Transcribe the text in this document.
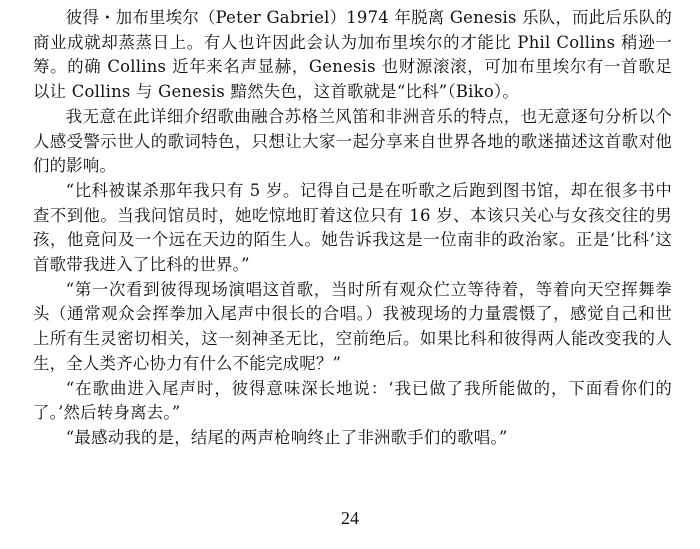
彼得・加布里埃尔（Peter Gabriel）1974 年脱离 Genesis 乐队，而此后乐队的商业成就却蒸蒸日上。有人也许因此会认为加布里埃尔的才能比 Phil Collins 稍逊一筹。的确 Collins 近年来名声显赫，Genesis 也财源滚滚，可加布里埃尔有一首歌足以让 Collins 与 Genesis 黯然失色，这首歌就是“比科”（Biko）。

我无意在此详细介绍歌曲融合苏格兰风笛和非洲音乐的特点，也无意逐句分析以个人感受警示世人的歌词特色，只想让大家一起分享来自世界各地的歌迷描述这首歌对他们的影响。

“比科被谋杀那年我只有 5 岁。记得自己是在听歌之后跑到图书馆，却在很多书中查不到他。当我问馆员时，她吃惊地盯着这位只有 16 岁、本该只关心与女孩交往的男孩，他竟问及一个远在天边的陌生人。她告诉我这是一位南非的政治家。正是‘比科’这首歌带我进入了比科的世界。”

“第一次看到彼得现场演唱这首歌，当时所有观众伫立等待着，等着向天空挥舞拳头（通常观众会挥拳加入尾声中很长的合唱。）我被现场的力量震慑了，感觉自己和世上所有生灵密切相关，这一刻神圣无比，空前绝后。如果比科和彼得两人能改变我的人生，全人类齐心协力有什么不能完成呢？”

“在歌曲进入尾声时，彼得意味深长地说：‘我已做了我所能做的，下面看你们的了。’然后转身离去。”

“最感动我的是，结尾的两声枪响终止了非洲歌手们的歌唱。”

24
